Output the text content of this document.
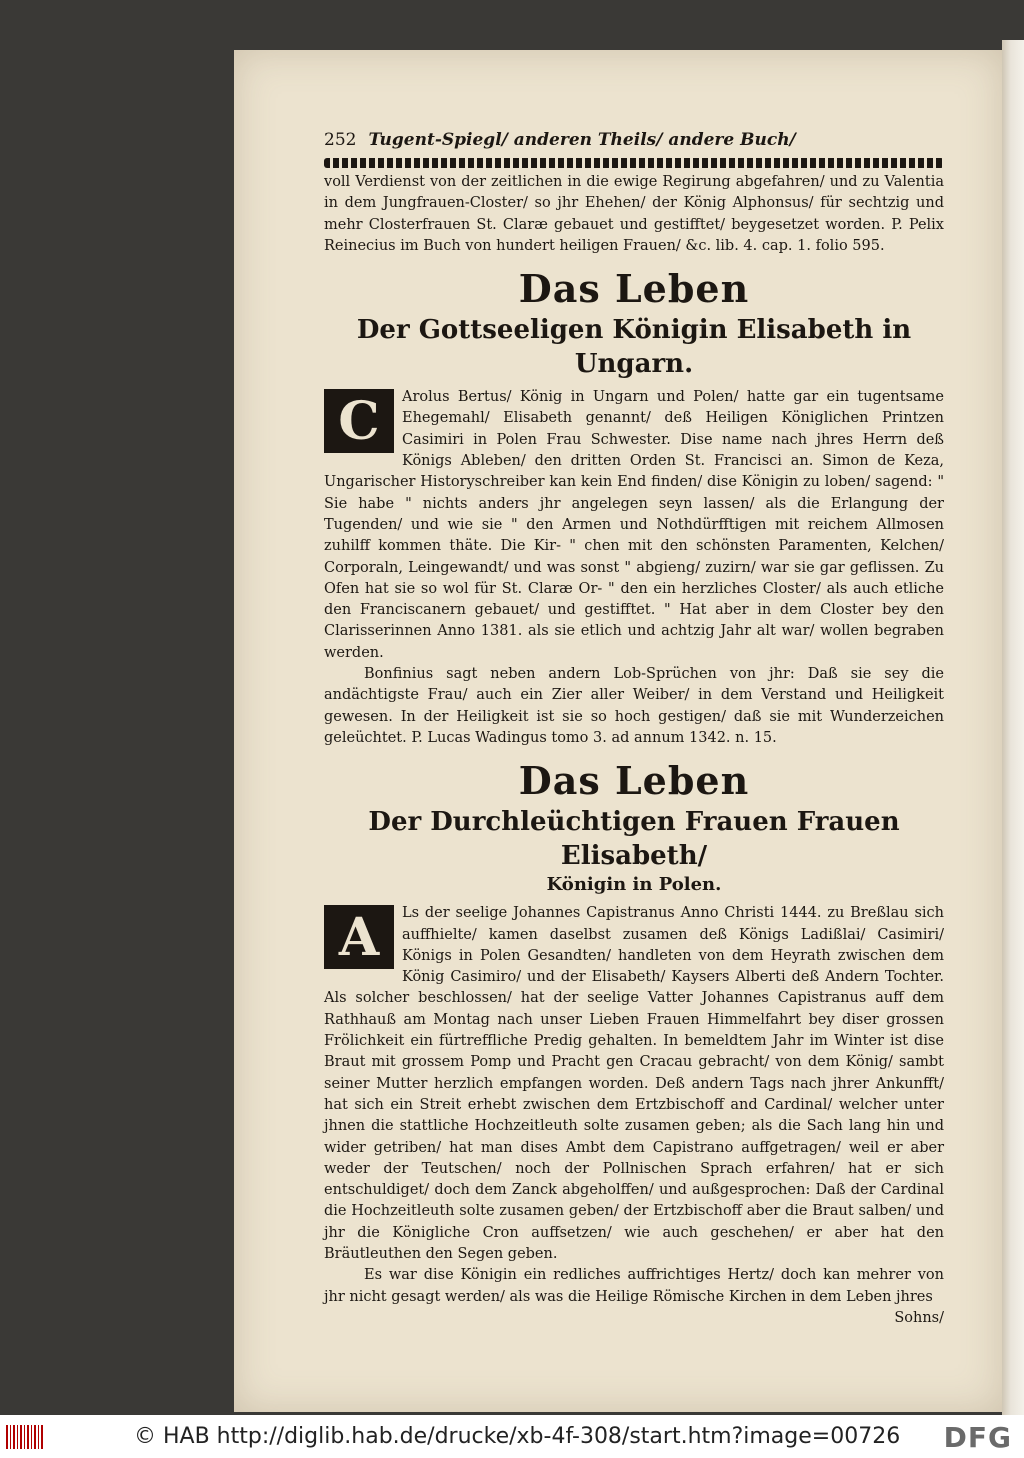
252 Tugent-Spiegl/ anderen Theils/ andere Buch/

voll Verdienst von der zeitlichen in die ewige Regirung abgefahren/ und zu Valentia in dem Jungfrauen-Closter/ so jhr Ehehen/ der König Alphonsus/ für sechtzig und mehr Closterfrauen St. Claræ gebauet und gestifftet/ beygesetzet worden. P. Pelix Reinecius im Buch von hundert heiligen Frauen/ &c. lib. 4. cap. 1. folio 595.

Das Leben
Der Gottseeligen Königin Elisabeth in Ungarn.
C	Arolus Bertus/ König in Ungarn und Polen/ hatte gar ein tugentsame Ehegemahl/ Elisabeth genannt/ deß Heiligen Königlichen Printzen Casimiri in Polen Frau Schwester. Dise name nach jhres Herrn deß Königs Ableben/ den dritten Orden St. Francisci an. Simon de Keza, Ungarischer Historyschreiber kan kein End finden/ dise Königin zu loben/ sagend: " Sie habe " nichts anders jhr angelegen seyn lassen/ als die Erlangung der Tugenden/ und wie sie " den Armen und Nothdürfftigen mit reichem Allmosen zuhilff kommen thäte. Die Kir- " chen mit den schönsten Paramenten, Kelchen/ Corporaln, Leingewandt/ und was sonst " abgieng/ zuzirn/ war sie gar geflissen. Zu Ofen hat sie so wol für St. Claræ Or- " den ein herzliches Closter/ als auch etliche den Franciscanern gebauet/ und gestifftet. " Hat aber in dem Closter bey den Clarisserinnen Anno 1381. als sie etlich und achtzig Jahr alt war/ wollen begraben werden.

Bonfinius sagt neben andern Lob-Sprüchen von jhr: Daß sie sey die andächtigste Frau/ auch ein Zier aller Weiber/ in dem Verstand und Heiligkeit gewesen. In der Heiligkeit ist sie so hoch gestigen/ daß sie mit Wunderzeichen geleüchtet. P. Lucas Wadingus tomo 3. ad annum 1342. n. 15.

Das Leben
Der Durchleüchtigen Frauen Frauen Elisabeth/
Königin in Polen.
A	Ls der seelige Johannes Capistranus Anno Christi 1444. zu Breßlau sich auffhielte/ kamen daselbst zusamen deß Königs Ladißlai/ Casimiri/ Königs in Polen Gesandten/ handleten von dem Heyrath zwischen dem König Casimiro/ und der Elisabeth/ Kaysers Alberti deß Andern Tochter. Als solcher beschlossen/ hat der seelige Vatter Johannes Capistranus auff dem Rathhauß am Montag nach unser Lieben Frauen Himmelfahrt bey diser grossen Frölichkeit ein fürtreffliche Predig gehalten. In bemeldtem Jahr im Winter ist dise Braut mit grossem Pomp und Pracht gen Cracau gebracht/ von dem König/ sambt seiner Mutter herzlich empfangen worden. Deß andern Tags nach jhrer Ankunfft/ hat sich ein Streit erhebt zwischen dem Ertzbischoff and Cardinal/ welcher unter jhnen die stattliche Hochzeitleuth solte zusamen geben; als die Sach lang hin und wider getriben/ hat man dises Ambt dem Capistrano auffgetragen/ weil er aber weder der Teutschen/ noch der Pollnischen Sprach erfahren/ hat er sich entschuldiget/ doch dem Zanck abgeholffen/ und außgesprochen: Daß der Cardinal die Hochzeitleuth solte zusamen geben/ der Ertzbischoff aber die Braut salben/ und jhr die Königliche Cron auffsetzen/ wie auch geschehen/ er aber hat den Bräutleuthen den Segen geben.

Es war dise Königin ein redliches auffrichtiges Hertz/ doch kan mehrer von jhr nicht gesagt werden/ als was die Heilige Römische Kirchen in dem Leben jhres

Sohns/
© HAB http://diglib.hab.de/drucke/xb-4f-308/start.htm?image=00726 DFG
